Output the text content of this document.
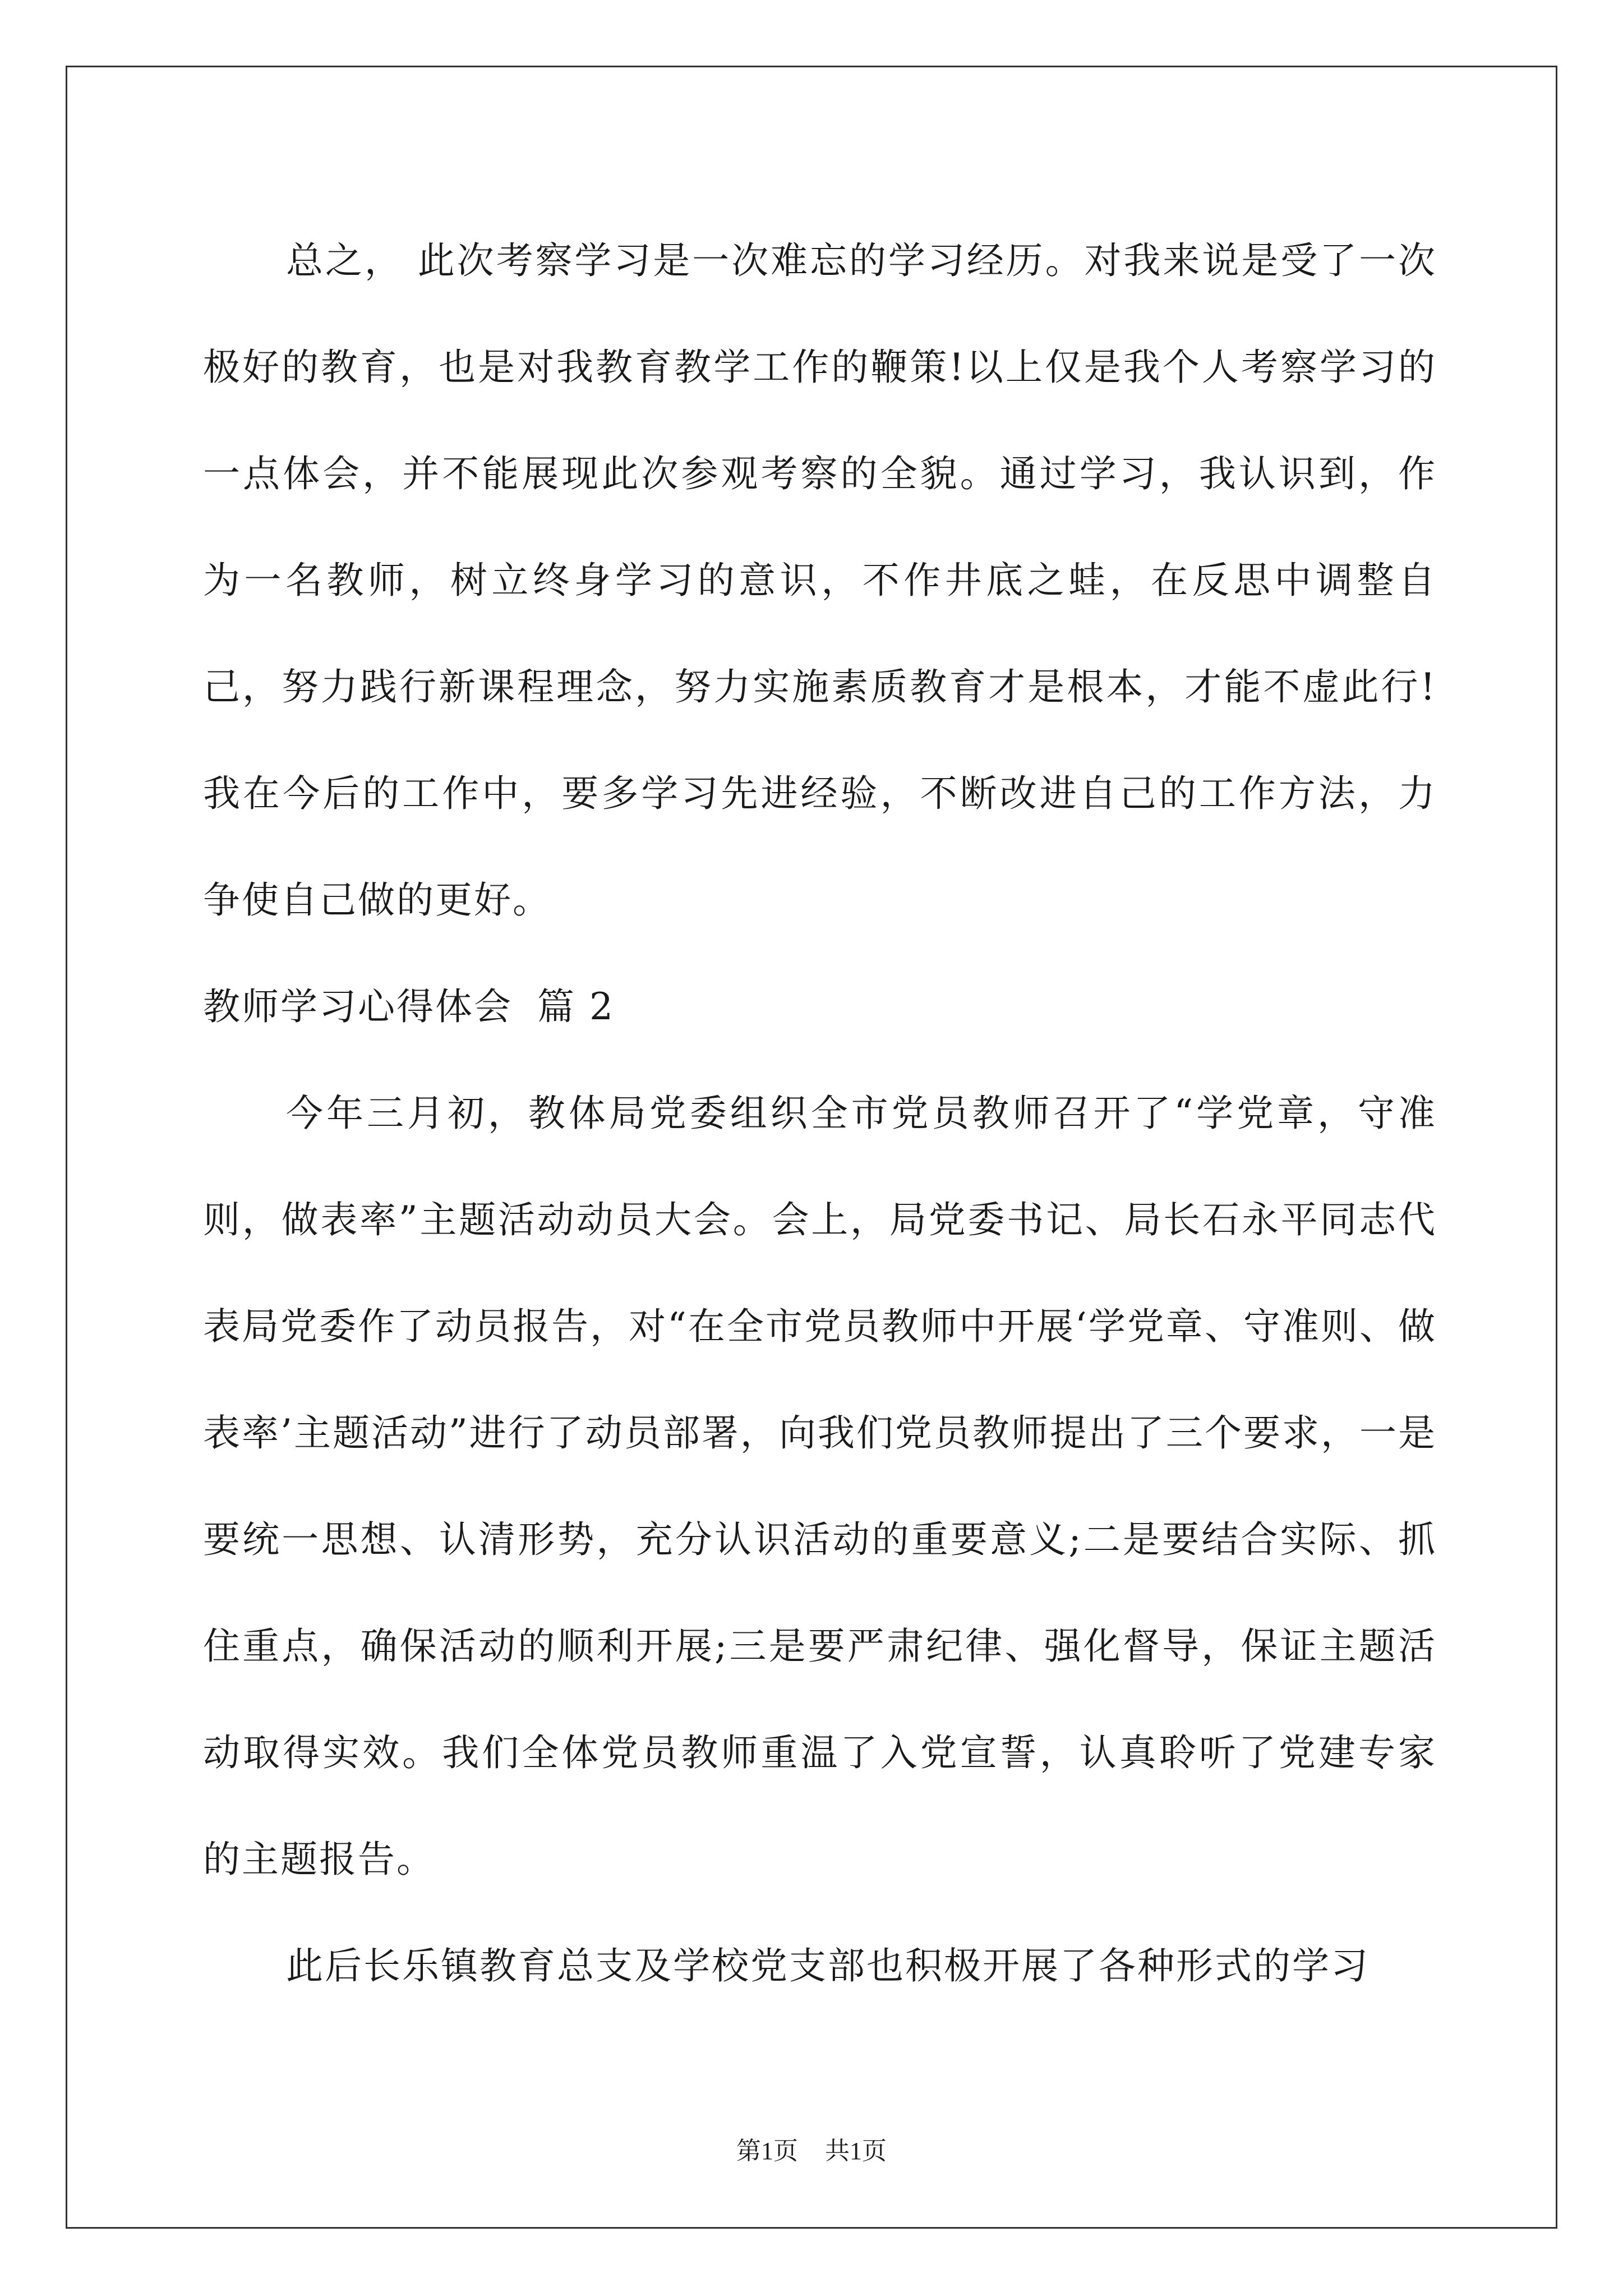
总之， 此次考察学习是一次难忘的学习经历。对我来说是受了一次极好的教育，也是对我教育教学工作的鞭策!以上仅是我个人考察学习的一点体会，并不能展现此次参观考察的全貌。通过学习，我认识到，作为一名教师，树立终身学习的意识，不作井底之蛙，在反思中调整自己，努力践行新课程理念，努力实施素质教育才是根本，才能不虚此行!我在今后的工作中，要多学习先进经验，不断改进自己的工作方法，力争使自己做的更好。

教师学习心得体会 篇 2

今年三月初，教体局党委组织全市党员教师召开了“学党章，守准则，做表率”主题活动动员大会。会上，局党委书记、局长石永平同志代表局党委作了动员报告，对“在全市党员教师中开展‘学党章、守准则、做表率’主题活动”进行了动员部署，向我们党员教师提出了三个要求，一是要统一思想、认清形势，充分认识活动的重要意义;二是要结合实际、抓住重点，确保活动的顺利开展;三是要严肃纪律、强化督导，保证主题活动取得实效。我们全体党员教师重温了入党宣誓，认真聆听了党建专家的主题报告。

此后长乐镇教育总支及学校党支部也积极开展了各种形式的学习

第1页 共1页
